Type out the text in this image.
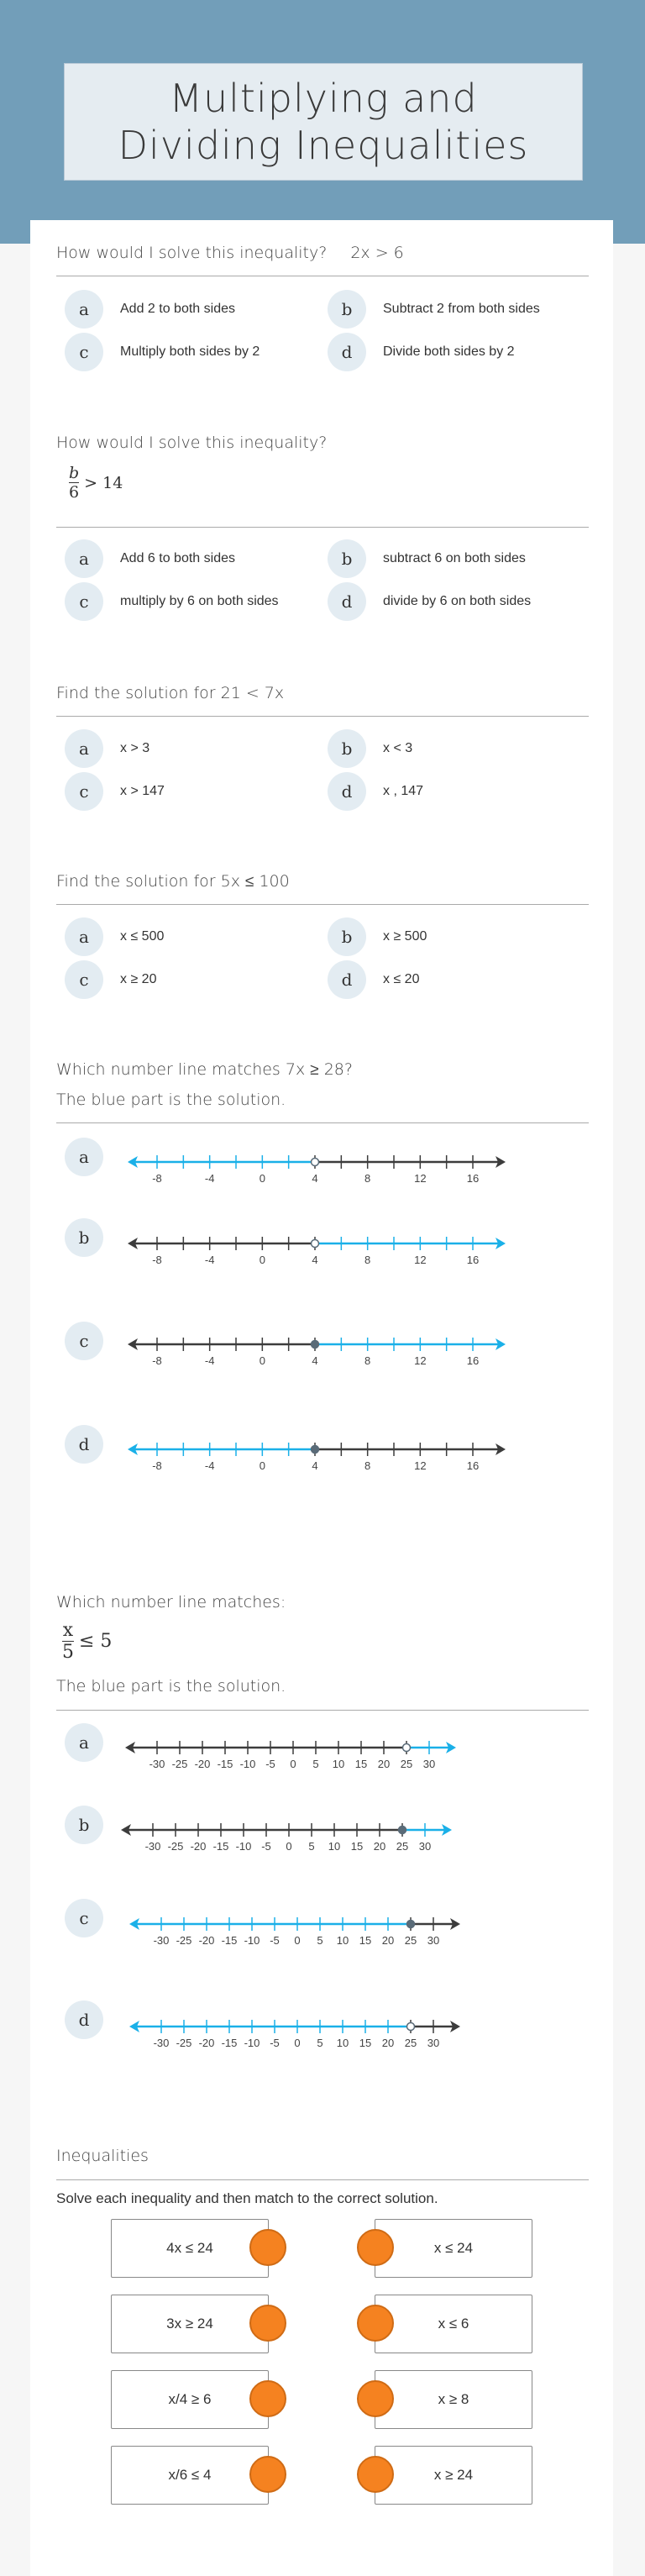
Multiplying and Dividing Inequalities
How would I solve this inequality? 2x > 6
a	Add 2 to both sides	b	Subtract 2 from both sides
c	Multiply both sides by 2	d	Divide both sides by 2
How would I solve this inequality?
b
6
> 14
a	Add 6 to both sides	b	subtract 6 on both sides
c	multiply by 6 on both sides	d	divide by 6 on both sides
Find the solution for 21 < 7x
a	x > 3	b	x < 3
c	x > 147	d	x , 147
Find the solution for 5x ≤ 100
a	x ≤ 500	b	x ≥ 500
c	x ≥ 20	d	x ≤ 20
Which number line matches 7x ≥ 28?
The blue part is the solution.
a
-8	-4	0	4	8	12	16
b
-8	-4	0	4	8	12	16
c
-8	-4	0	4	8	12	16
d
-8	-4	0	4	8	12	16
Which number line matches:
x
5
≤ 5
The blue part is the solution.
a
-30 -25 -20 -15 -10 -5 0 5 10 15 20 25 30
b
-30 -25 -20 -15 -10 -5 0 5 10 15 20 25 30
c
-30 -25 -20 -15 -10 -5 0 5 10 15 20 25 30
d
-30 -25 -20 -15 -10 -5 0 5 10 15 20 25 30
Inequalities
Solve each inequality and then match to the correct solution.
4x ≤ 24	x ≤ 24
3x ≥ 24	x ≤ 6
x/4 ≥ 6	x ≥ 8
x/6 ≤ 4	x ≥ 24
